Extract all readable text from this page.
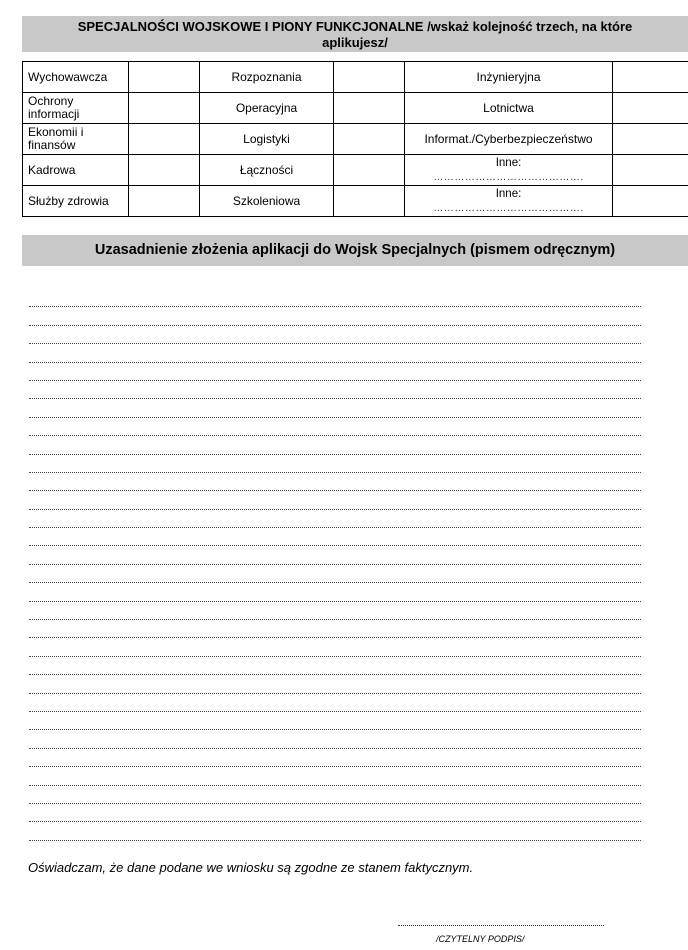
SPECJALNOŚCI WOJSKOWE I PIONY FUNKCJONALNE /wskaż kolejność trzech, na które aplikujesz/
Wychowawcza		Rozpoznania		Inżynieryjna	
Ochrony informacji		Operacyjna		Lotnictwa	
Ekonomii i finansów		Logistyki		Informat./Cyberbezpieczeństwo	
Kadrowa		Łączności		Inne:
…………………………………….	

Służby zdrowia		Szkoleniowa		Inne:
…………………………………….	

Uzasadnienie złożenia aplikacji do Wojsk Specjalnych (pismem odręcznym)
Oświadczam, że dane podane we wniosku są zgodne ze stanem faktycznym.
/CZYTELNY PODPIS/
